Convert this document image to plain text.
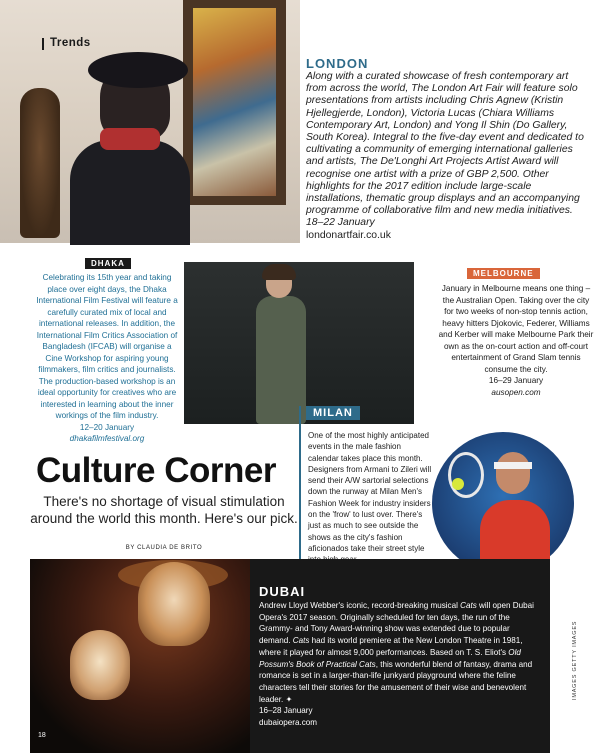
Trends
LONDON
Along with a curated showcase of fresh contemporary art from across the world, The London Art Fair will feature solo presentations from artists including Chris Agnew (Kristin Hjellegjerde, London), Victoria Lucas (Chiara Williams Contemporary Art, London) and Yong Il Shin (Do Gallery, South Korea). Integral to the five-day event and dedicated to cultivating a community of emerging international galleries and artists, The De'Longhi Art Projects Artist Award will recognise one artist with a prize of GBP 2,500. Other highlights for the 2017 edition include large-scale installations, thematic group displays and an accompanying programme of collaborative film and new media initiatives.
18–22 January
londonartfair.co.uk
DHAKA
Celebrating its 15th year and taking place over eight days, the Dhaka International Film Festival will feature a carefully curated mix of local and international releases. In addition, the International Film Critics Association of Bangladesh (IFCAB) will organise a Cine Workshop for aspiring young filmmakers, film critics and journalists. The production-based workshop is an ideal opportunity for creatives who are interested in learning about the inner workings of the film industry.
12–20 January
dhakafilmfestival.org
MILAN
One of the most highly anticipated events in the male fashion calendar takes place this month. Designers from Armani to Zileri will send their A/W sartorial selections down the runway at Milan Men's Fashion Week for industry insiders on the 'frow' to lust over. There's just as much to see outside the shows as the city's fashion aficionados take their street style

MELBOURNE
January in Melbourne means one thing – the Australian Open. Taking over the city for two weeks of non-stop tennis action, heavy hitters Djokovic, Federer, Williams and Kerber will make Melbourne Park their own as the on-court action and off-court entertainment of Grand Slam tennis consume the city.
16–29 January
ausopen.com
Culture Corner
There's no shortage of visual stimulation around the world this month. Here's our pick.
BY CLAUDIA DE BRITO
DUBAI
Andrew Lloyd Webber's iconic, record-breaking musical Cats will open Dubai Opera's 2017 season. Originally scheduled for ten days, the run of the Grammy- and Tony Award-winning show was extended due to popular demand. Cats had its world premiere at the New London Theatre in 1981, where it played for almost 9,000 performances. Based on T. S. Eliot's Old Possum's Book of Practical Cats, this wonderful blend of fantasy, drama and romance is set in a larger-than-life junkyard playground where the feline characters tell their stories for the amusement of their wise and benevolent leader. ✦
16–28 January
dubaiopera.com
18
IMAGES GETTY IMAGES
